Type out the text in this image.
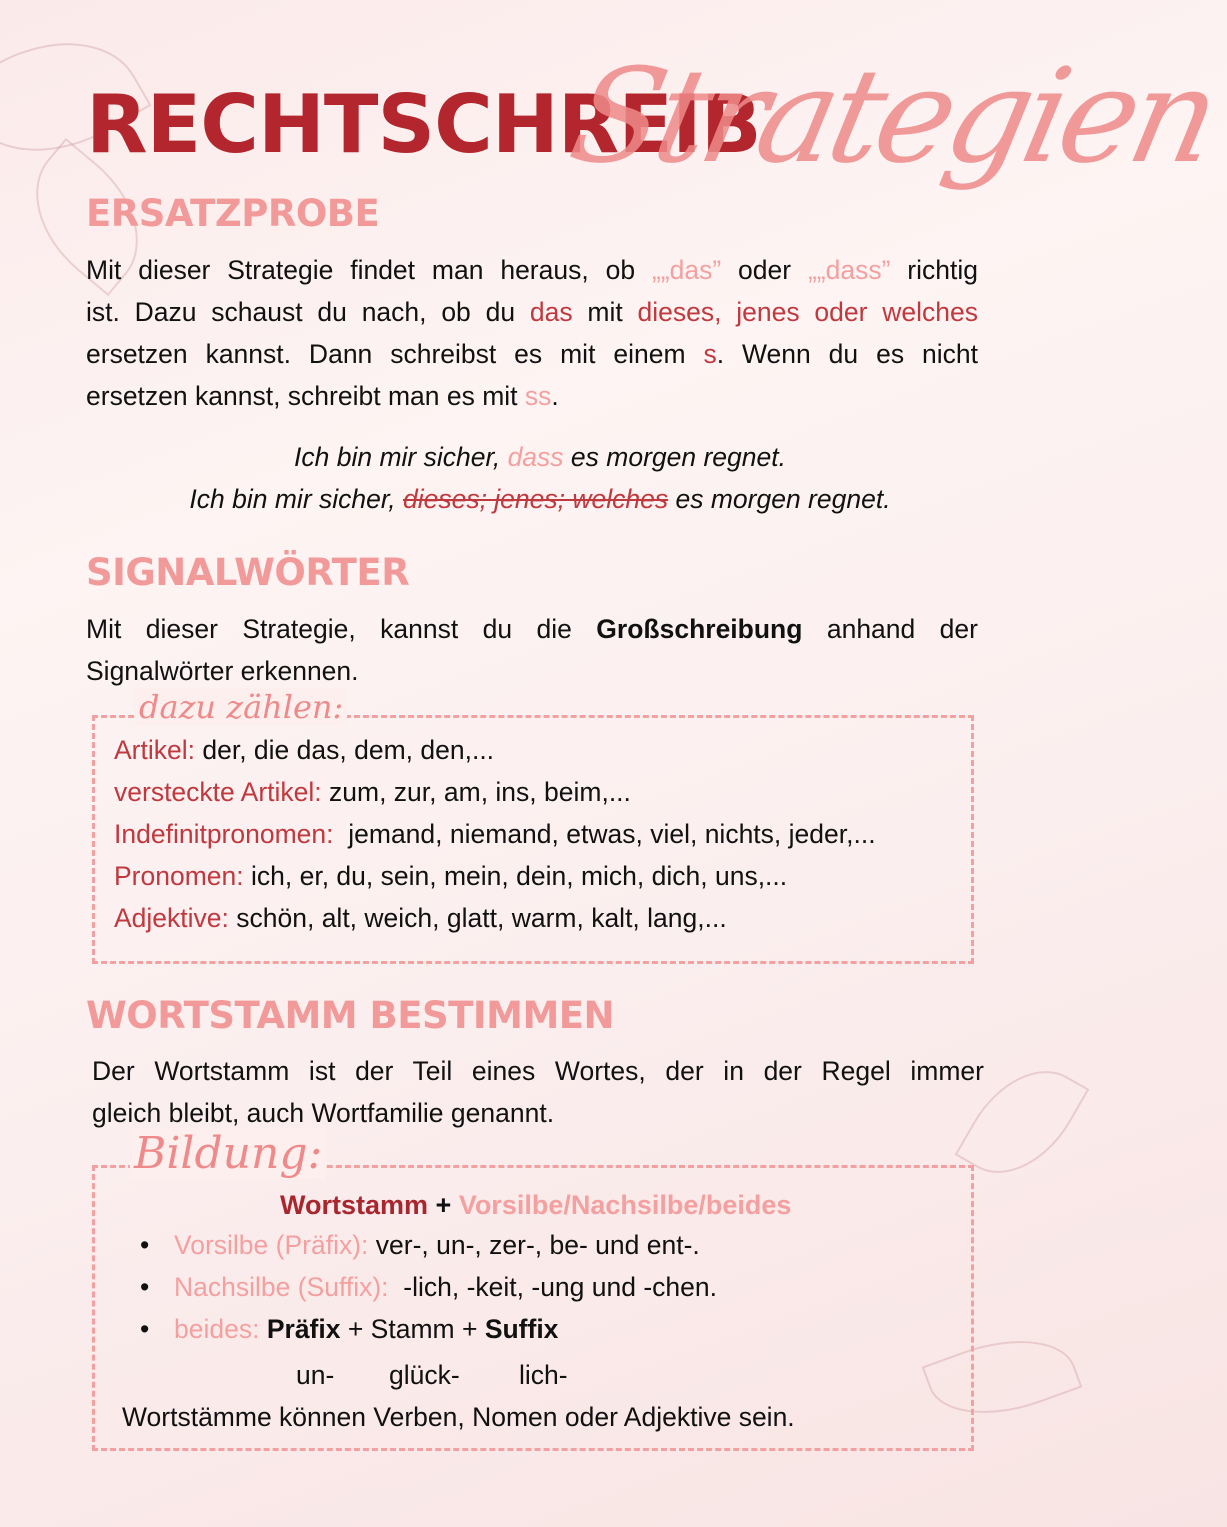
RECHTSCHREIB
Strategien
ERSATZPROBE
Mit dieser Strategie findet man heraus, ob „„das” oder „„dass” richtig
ist. Dazu schaust du nach, ob du das mit dieses, jenes oder welches
ersetzen kannst. Dann schreibst es mit einem s. Wenn du es nicht
ersetzen kannst, schreibt man es mit ss.
Ich bin mir sicher, dass es morgen regnet.
Ich bin mir sicher, dieses; jenes; welches es morgen regnet.
SIGNALWÖRTER
Mit dieser Strategie, kannst du die Großschreibung anhand der
Signalwörter erkennen.
dazu zählen:
Artikel: der, die das, dem, den,...
versteckte Artikel: zum, zur, am, ins, beim,...
Indefinitpronomen:  jemand, niemand, etwas, viel, nichts, jeder,...
Pronomen: ich, er, du, sein, mein, dein, mich, dich, uns,...
Adjektive: schön, alt, weich, glatt, warm, kalt, lang,...
WORTSTAMM BESTIMMEN
Der Wortstamm ist der Teil eines Wortes, der in der Regel immer
gleich bleibt, auch Wortfamilie genannt.
Bildung:
Wortstamm + Vorsilbe/Nachsilbe/beides
• Vorsilbe (Präfix): ver-, un-, zer-, be- und ent-.
• Nachsilbe (Suffix):  -lich, -keit, -ung und -chen.
• beides: Präfix + Stamm + Suffix
un- glück- lich-
Wortstämme können Verben, Nomen oder Adjektive sein.
